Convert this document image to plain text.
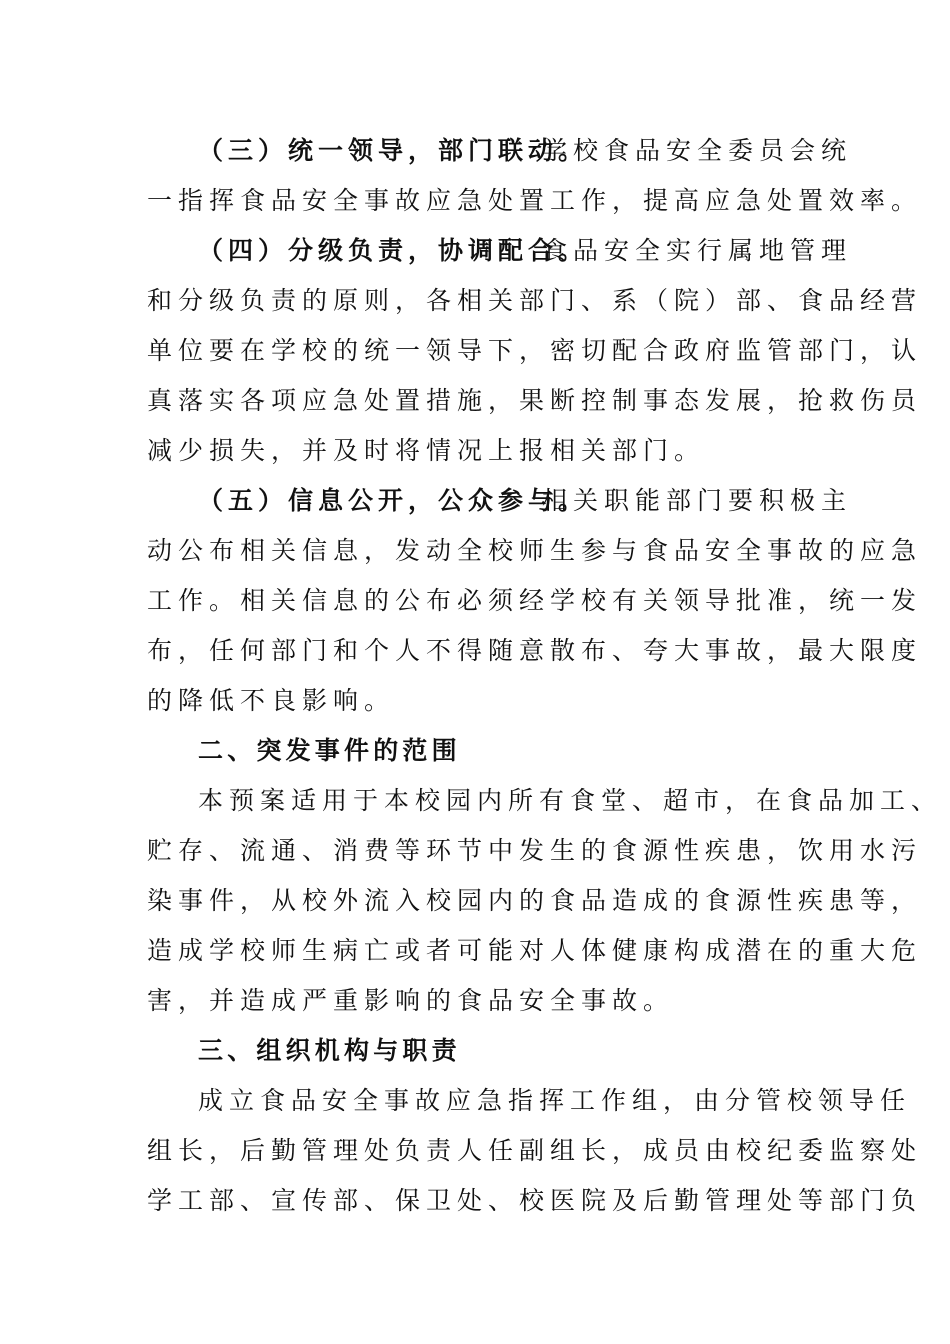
（三）统一领导，部门联动。
学校食品安全委员会统
一指挥食品安全事故应急处置工作，提高应急处置效率。
（四）分级负责，协调配合。
食品安全实行属地管理
和分级负责的原则，各相关部门、系（院）部、食品经营
单位要在学校的统一领导下，密切配合政府监管部门，认
真落实各项应急处置措施，果断控制事态发展，抢救伤员
减少损失，并及时将情况上报相关部门。
（五）信息公开，公众参与。
相关职能部门要积极主
动公布相关信息，发动全校师生参与食品安全事故的应急
工作。相关信息的公布必须经学校有关领导批准，统一发
布，任何部门和个人不得随意散布、夸大事故，最大限度
的降低不良影响。
二、突发事件的范围
本预案适用于本校园内所有食堂、超市，在食品加工、
贮存、流通、消费等环节中发生的食源性疾患，饮用水污
染事件，从校外流入校园内的食品造成的食源性疾患等，
造成学校师生病亡或者可能对人体健康构成潜在的重大危
害，并造成严重影响的食品安全事故。
三、组织机构与职责
成立食品安全事故应急指挥工作组，由分管校领导任
组长，后勤管理处负责人任副组长，成员由校纪委监察处
学工部、宣传部、保卫处、校医院及后勤管理处等部门负
